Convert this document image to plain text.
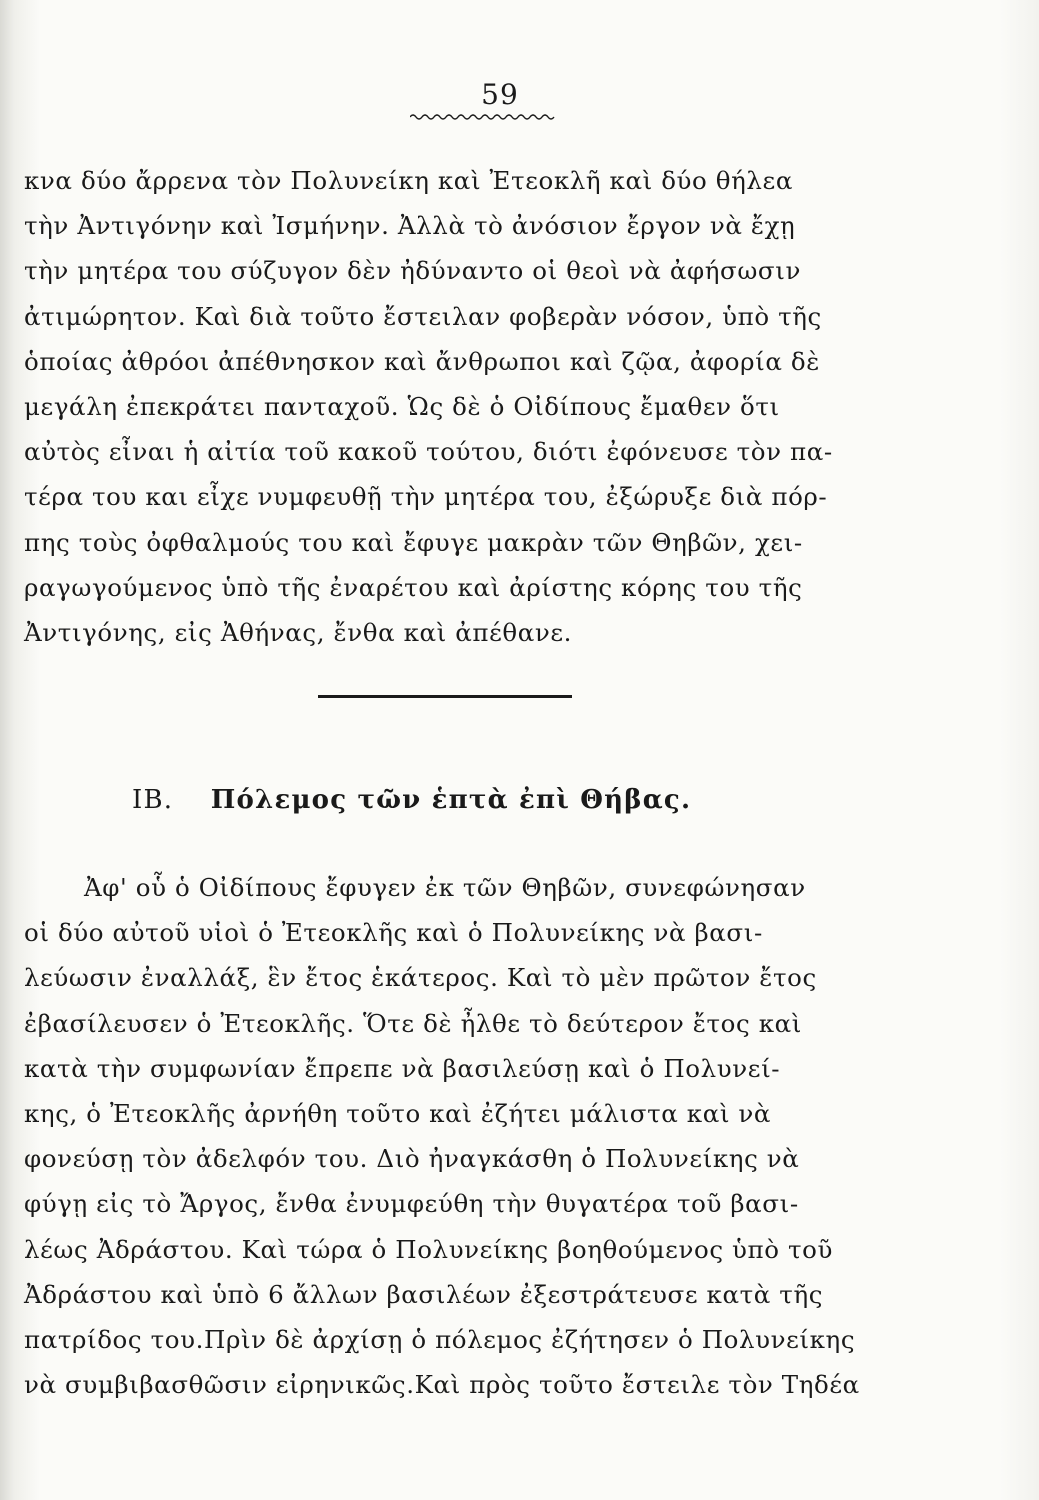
59
κνα δύο ἄρρενα τὸν Πολυνείκη καὶ Ἐτεοκλῆ καὶ δύο θήλεα
τὴν Ἀντιγόνην καὶ Ἰσμήνην. Ἀλλὰ τὸ ἀνόσιον ἔργον νὰ ἔχῃ
τὴν μητέρα του σύζυγον δὲν ἠδύναντο οἱ θεοὶ νὰ ἀφήσωσιν
ἀτιμώρητον. Καὶ διὰ τοῦτο ἔστειλαν φοβερὰν νόσον, ὑπὸ τῆς
ὁποίας ἀθρόοι ἀπέθνησκον καὶ ἄνθρωποι καὶ ζῷα, ἀφορία δὲ
μεγάλη ἐπεκράτει πανταχοῦ. Ὡς δὲ ὁ Οἰδίπους ἔμαθεν ὅτι
αὐτὸς εἶναι ἡ αἰτία τοῦ κακοῦ τούτου, διότι ἐφόνευσε τὸν πα-
τέρα του και εἶχε νυμφευθῇ τὴν μητέρα του, ἐξώρυξε διὰ πόρ-
πης τοὺς ὀφθαλμούς του καὶ ἔφυγε μακρὰν τῶν Θηβῶν, χει-
ραγωγούμενος ὑπὸ τῆς ἐναρέτου καὶ ἀρίστης κόρης του τῆς
Ἀντιγόνης, εἰς Ἀθήνας, ἔνθα καὶ ἀπέθανε.
ΙΒ. Πόλεμος τῶν ἑπτὰ ἐπὶ Θήβας.
Ἀφ' οὗ ὁ Οἰδίπους ἔφυγεν ἐκ τῶν Θηβῶν, συνεφώνησαν
οἱ δύο αὐτοῦ υἱοὶ ὁ Ἐτεοκλῆς καὶ ὁ Πολυνείκης νὰ βασι-
λεύωσιν ἐναλλάξ, ἓν ἔτος ἑκάτερος. Καὶ τὸ μὲν πρῶτον ἔτος
ἐβασίλευσεν ὁ Ἐτεοκλῆς. Ὅτε δὲ ἦλθε τὸ δεύτερον ἔτος καὶ
κατὰ τὴν συμφωνίαν ἔπρεπε νὰ βασιλεύσῃ καὶ ὁ Πολυνεί-
κης, ὁ Ἐτεοκλῆς ἀρνήθη τοῦτο καὶ ἐζήτει μάλιστα καὶ νὰ
φονεύσῃ τὸν ἀδελφόν του. Διὸ ἠναγκάσθη ὁ Πολυνείκης νὰ
φύγῃ εἰς τὸ Ἄργος, ἔνθα ἐνυμφεύθη τὴν θυγατέρα τοῦ βασι-
λέως Ἀδράστου. Καὶ τώρα ὁ Πολυνείκης βοηθούμενος ὑπὸ τοῦ
Ἀδράστου καὶ ὑπὸ 6 ἄλλων βασιλέων ἐξεστράτευσε κατὰ τῆς
πατρίδος του.Πρὶν δὲ ἀρχίσῃ ὁ πόλεμος ἐζήτησεν ὁ Πολυνείκης
νὰ συμβιβασθῶσιν εἰρηνικῶς.Καὶ πρὸς τοῦτο ἔστειλε τὸν Τηδέα
